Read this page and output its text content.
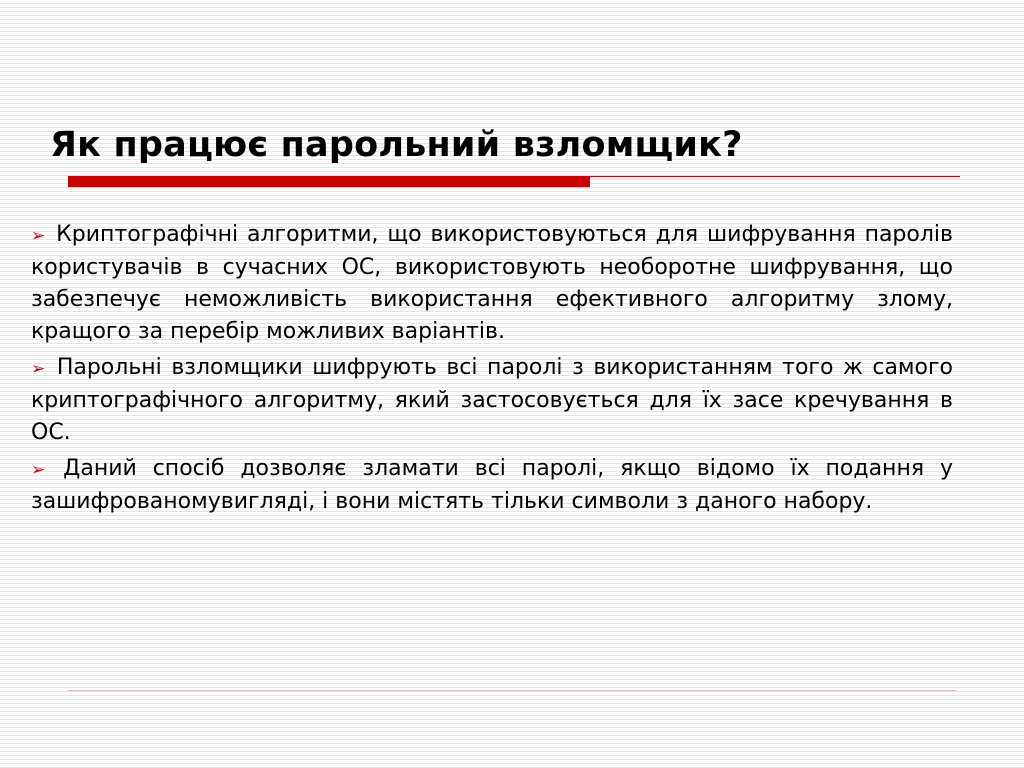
Як працює парольний взломщик?

➢ Криптографічні алгоритми, що використовуються для шифрування паролів користувачів в сучасних ОС, використовують необоротне шифрування, що забезпечує неможливість використання ефективного алгоритму злому, кращого за перебір можливих варіантів.

➢ Парольні взломщики шифрують всі паролі з використанням того ж самого криптографічного алгоритму, який застосовується для їх засе кречування в ОС.

➢ Даний спосіб дозволяє зламати всі паролі, якщо відомо їх подання у зашифрованомувигляді, і вони містять тільки символи з даного набору.
